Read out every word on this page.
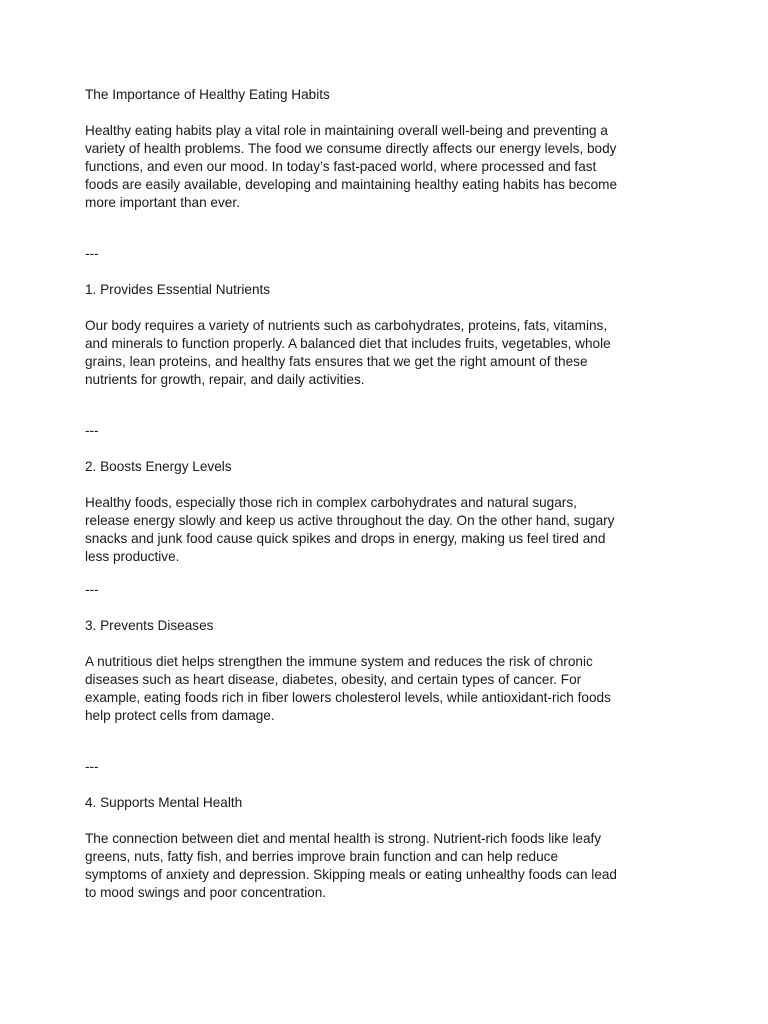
The Importance of Healthy Eating Habits

Healthy eating habits play a vital role in maintaining overall well-being and preventing a variety of health problems. The food we consume directly affects our energy levels, body functions, and even our mood. In today’s fast-paced world, where processed and fast foods are easily available, developing and maintaining healthy eating habits has become more important than ever.

---

1. Provides Essential Nutrients

Our body requires a variety of nutrients such as carbohydrates, proteins, fats, vitamins, and minerals to function properly. A balanced diet that includes fruits, vegetables, whole grains, lean proteins, and healthy fats ensures that we get the right amount of these nutrients for growth, repair, and daily activities.

---

2. Boosts Energy Levels

Healthy foods, especially those rich in complex carbohydrates and natural sugars, release energy slowly and keep us active throughout the day. On the other hand, sugary snacks and junk food cause quick spikes and drops in energy, making us feel tired and less productive.

---

3. Prevents Diseases

A nutritious diet helps strengthen the immune system and reduces the risk of chronic diseases such as heart disease, diabetes, obesity, and certain types of cancer. For example, eating foods rich in fiber lowers cholesterol levels, while antioxidant-rich foods help protect cells from damage.

---

4. Supports Mental Health

The connection between diet and mental health is strong. Nutrient-rich foods like leafy greens, nuts, fatty fish, and berries improve brain function and can help reduce symptoms of anxiety and depression. Skipping meals or eating unhealthy foods can lead to mood swings and poor concentration.
